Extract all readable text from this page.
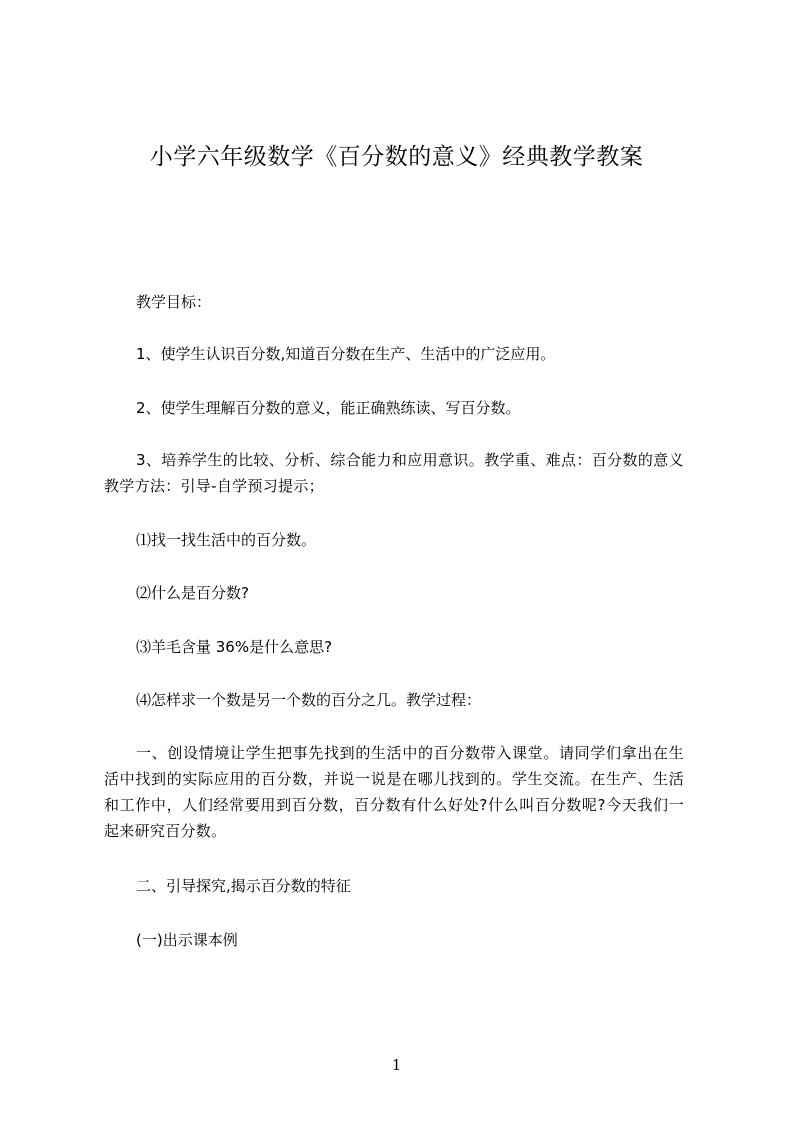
小学六年级数学《百分数的意义》经典教学教案

教学目标：

1、使学生认识百分数,知道百分数在生产、生活中的广泛应用。

2、使学生理解百分数的意义，能正确熟练读、写百分数。

3、培养学生的比较、分析、综合能力和应用意识。教学重、难点：百分数的意义 教学方法：引导-自学预习提示；

⑴找一找生活中的百分数。

⑵什么是百分数?

⑶羊毛含量 36%是什么意思?

⑷怎样求一个数是另一个数的百分之几。教学过程：

一、创设情境让学生把事先找到的生活中的百分数带入课堂。请同学们拿出在生活中找到的实际应用的百分数，并说一说是在哪儿找到的。学生交流。在生产、生活和工作中，人们经常要用到百分数，百分数有什么好处?什么叫百分数呢?今天我们一起来研究百分数。

二、引导探究,揭示百分数的特征

(一)出示课本例

1
